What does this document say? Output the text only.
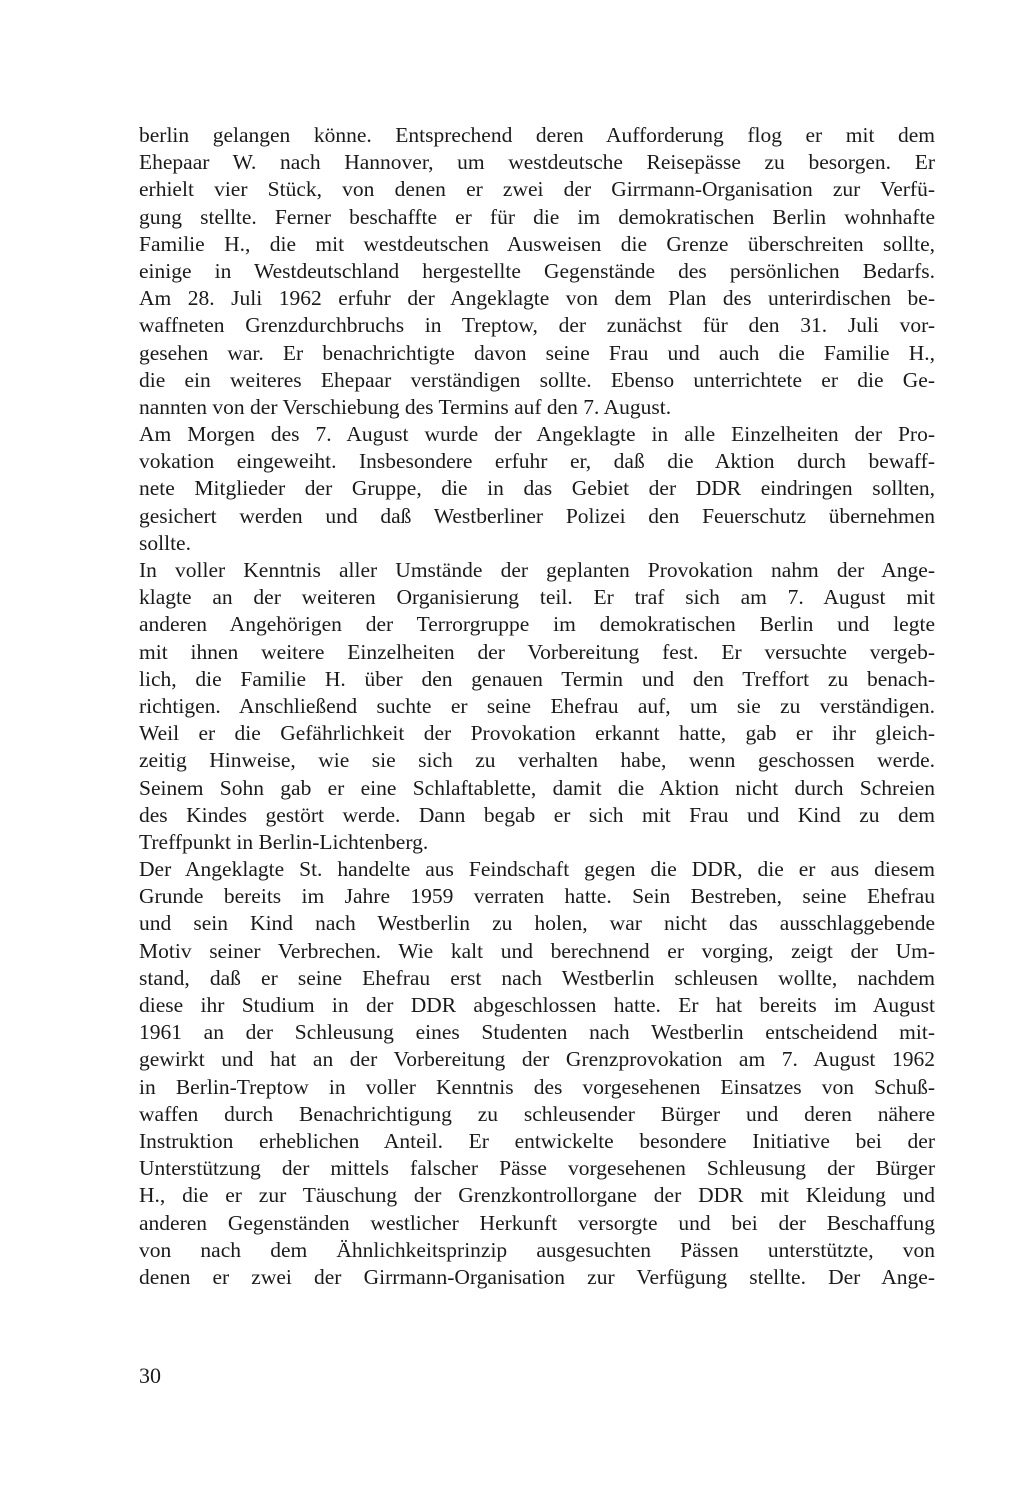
berlin gelangen könne. Entsprechend deren Aufforderung flog er mit dem
Ehepaar W. nach Hannover, um westdeutsche Reisepässe zu besorgen. Er
erhielt vier Stück, von denen er zwei der Girrmann-Organisation zur Verfü-
gung stellte. Ferner beschaffte er für die im demokratischen Berlin wohnhafte
Familie H., die mit westdeutschen Ausweisen die Grenze überschreiten sollte,
einige in Westdeutschland hergestellte Gegenstände des persönlichen Bedarfs.
Am 28. Juli 1962 erfuhr der Angeklagte von dem Plan des unterirdischen be-
waffneten Grenzdurchbruchs in Treptow, der zunächst für den 31. Juli vor-
gesehen war. Er benachrichtigte davon seine Frau und auch die Familie H.,
die ein weiteres Ehepaar verständigen sollte. Ebenso unterrichtete er die Ge-
nannten von der Verschiebung des Termins auf den 7. August.
Am Morgen des 7. August wurde der Angeklagte in alle Einzelheiten der Pro-
vokation eingeweiht. Insbesondere erfuhr er, daß die Aktion durch bewaff-
nete Mitglieder der Gruppe, die in das Gebiet der DDR eindringen sollten,
gesichert werden und daß Westberliner Polizei den Feuerschutz übernehmen
sollte.
In voller Kenntnis aller Umstände der geplanten Provokation nahm der Ange-
klagte an der weiteren Organisierung teil. Er traf sich am 7. August mit
anderen Angehörigen der Terrorgruppe im demokratischen Berlin und legte
mit ihnen weitere Einzelheiten der Vorbereitung fest. Er versuchte vergeb-
lich, die Familie H. über den genauen Termin und den Treffort zu benach-
richtigen. Anschließend suchte er seine Ehefrau auf, um sie zu verständigen.
Weil er die Gefährlichkeit der Provokation erkannt hatte, gab er ihr gleich-
zeitig Hinweise, wie sie sich zu verhalten habe, wenn geschossen werde.
Seinem Sohn gab er eine Schlaftablette, damit die Aktion nicht durch Schreien
des Kindes gestört werde. Dann begab er sich mit Frau und Kind zu dem
Treffpunkt in Berlin-Lichtenberg.
Der Angeklagte St. handelte aus Feindschaft gegen die DDR, die er aus diesem
Grunde bereits im Jahre 1959 verraten hatte. Sein Bestreben, seine Ehefrau
und sein Kind nach Westberlin zu holen, war nicht das ausschlaggebende
Motiv seiner Verbrechen. Wie kalt und berechnend er vorging, zeigt der Um-
stand, daß er seine Ehefrau erst nach Westberlin schleusen wollte, nachdem
diese ihr Studium in der DDR abgeschlossen hatte. Er hat bereits im August
1961 an der Schleusung eines Studenten nach Westberlin entscheidend mit-
gewirkt und hat an der Vorbereitung der Grenzprovokation am 7. August 1962
in Berlin-Treptow in voller Kenntnis des vorgesehenen Einsatzes von Schuß-
waffen durch Benachrichtigung zu schleusender Bürger und deren nähere
Instruktion erheblichen Anteil. Er entwickelte besondere Initiative bei der
Unterstützung der mittels falscher Pässe vorgesehenen Schleusung der Bürger
H., die er zur Täuschung der Grenzkontrollorgane der DDR mit Kleidung und
anderen Gegenständen westlicher Herkunft versorgte und bei der Beschaffung
von nach dem Ähnlichkeitsprinzip ausgesuchten Pässen unterstützte, von
denen er zwei der Girrmann-Organisation zur Verfügung stellte. Der Ange-
30
